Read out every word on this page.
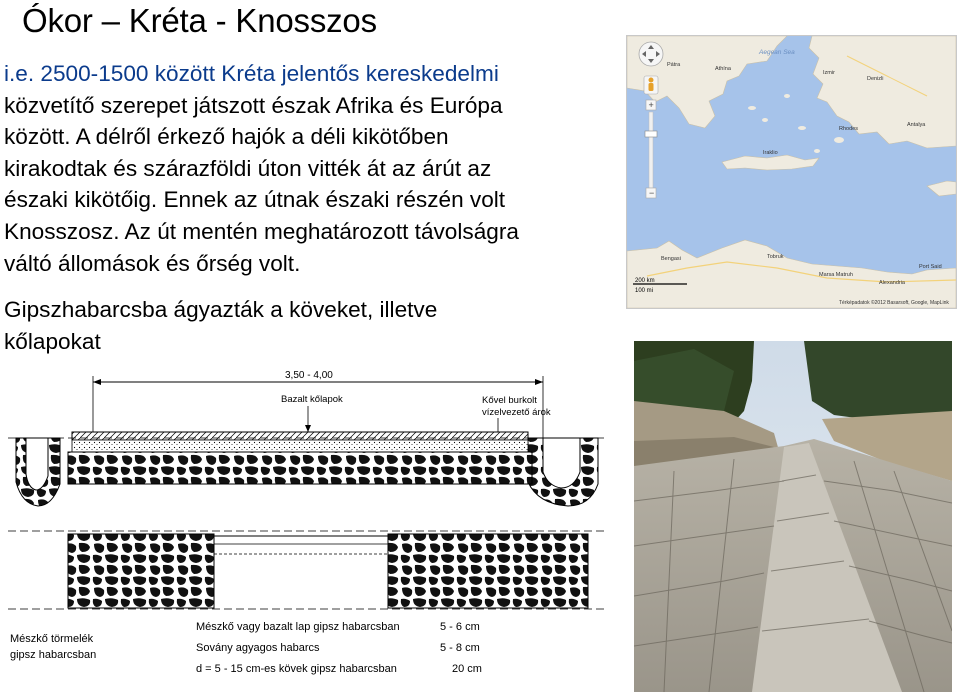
Ókor – Kréta - Knosszos
i.e. 2500-1500 között Kréta jelentős kereskedelmi
közvetítő szerepet játszott észak Afrika és Európa
között. A délről érkező hajók a déli kikötőben
kirakodtak és szárazföldi úton vitték át az árút az
északi kikötőig. Ennek az útnak északi részén volt
Knosszosz. Az út mentén meghatározott távolságra
váltó állomások és őrség volt.
Gipszhabarcsba ágyazták a köveket, illetve
kőlapokat
Aegean Sea
Athína
Pátra
Izmir
Denizli
Rhodes
Antalya
Iraklio
Bengasi	Tobruk
Marsa Matruh
Alexandria
Port Said
+
−
200 km
100 mi
Térképadatok ©2012 Basarsoft, Google, MapLink
3,50 - 4,00
Bazalt kőlapok	Kővel burkolt
vízelvezető árok
Mészkő törmelék
gipsz habarcsban
Mészkő vagy bazalt lap gipsz habarcsban	5 - 6 cm
Sovány agyagos habarcs	5 - 8 cm
d = 5 - 15 cm-es kövek gipsz habarcsban	20 cm
